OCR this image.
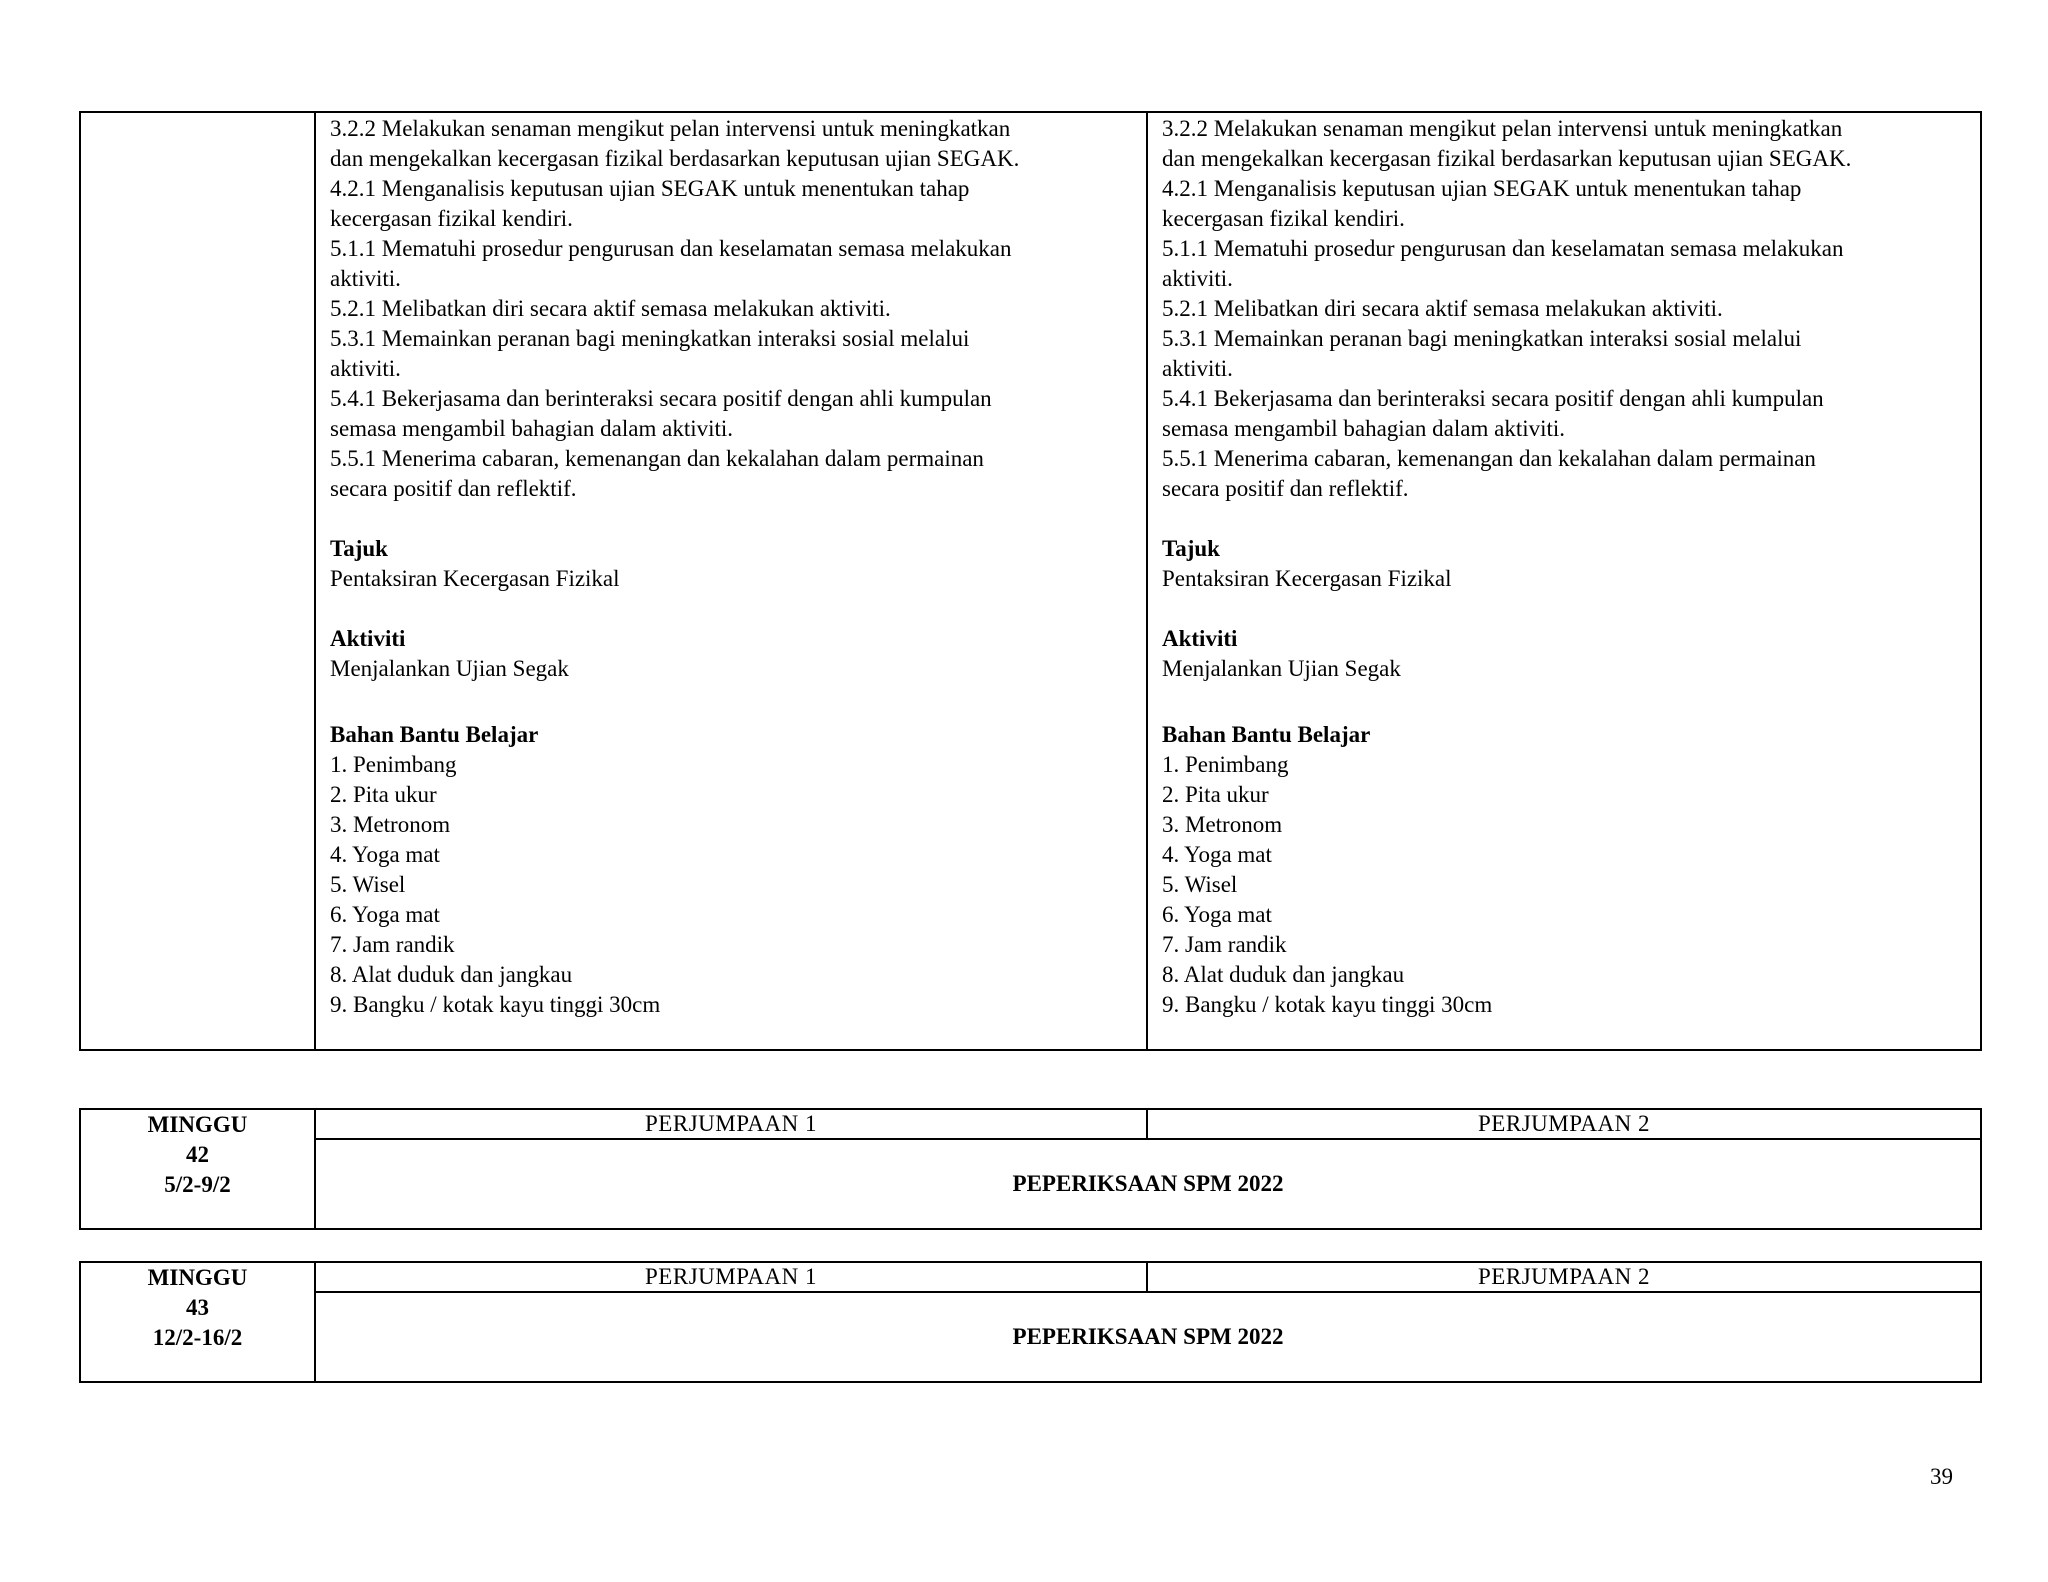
3.2.2 Melakukan senaman mengikut pelan intervensi untuk meningkatkan
dan mengekalkan kecergasan fizikal berdasarkan keputusan ujian SEGAK.
4.2.1 Menganalisis keputusan ujian SEGAK untuk menentukan tahap
kecergasan fizikal kendiri.
5.1.1 Mematuhi prosedur pengurusan dan keselamatan semasa melakukan
aktiviti.
5.2.1 Melibatkan diri secara aktif semasa melakukan aktiviti.
5.3.1 Memainkan peranan bagi meningkatkan interaksi sosial melalui
aktiviti.
5.4.1 Bekerjasama dan berinteraksi secara positif dengan ahli kumpulan
semasa mengambil bahagian dalam aktiviti.
5.5.1 Menerima cabaran, kemenangan dan kekalahan dalam permainan
secara positif dan reflektif.
Tajuk
Pentaksiran Kecergasan Fizikal
Aktiviti
Menjalankan Ujian Segak
Bahan Bantu Belajar
1. Penimbang
2. Pita ukur
3. Metronom
4. Yoga mat
5. Wisel
6. Yoga mat
7. Jam randik
8. Alat duduk dan jangkau
9. Bangku / kotak kayu tinggi 30cm

3.2.2 Melakukan senaman mengikut pelan intervensi untuk meningkatkan
dan mengekalkan kecergasan fizikal berdasarkan keputusan ujian SEGAK.
4.2.1 Menganalisis keputusan ujian SEGAK untuk menentukan tahap
kecergasan fizikal kendiri.
5.1.1 Mematuhi prosedur pengurusan dan keselamatan semasa melakukan
aktiviti.
5.2.1 Melibatkan diri secara aktif semasa melakukan aktiviti.
5.3.1 Memainkan peranan bagi meningkatkan interaksi sosial melalui
aktiviti.
5.4.1 Bekerjasama dan berinteraksi secara positif dengan ahli kumpulan
semasa mengambil bahagian dalam aktiviti.
5.5.1 Menerima cabaran, kemenangan dan kekalahan dalam permainan
secara positif dan reflektif.
Tajuk
Pentaksiran Kecergasan Fizikal
Aktiviti
Menjalankan Ujian Segak
Bahan Bantu Belajar
1. Penimbang
2. Pita ukur
3. Metronom
4. Yoga mat
5. Wisel
6. Yoga mat
7. Jam randik
8. Alat duduk dan jangkau
9. Bangku / kotak kayu tinggi 30cm
MINGGU
42
5/2-9/2
	PERJUMPAAN 1	PERJUMPAAN 2
PEPERIKSAAN SPM 2022
MINGGU
43
12/2-16/2
	PERJUMPAAN 1	PERJUMPAAN 2
PEPERIKSAAN SPM 2022
39
